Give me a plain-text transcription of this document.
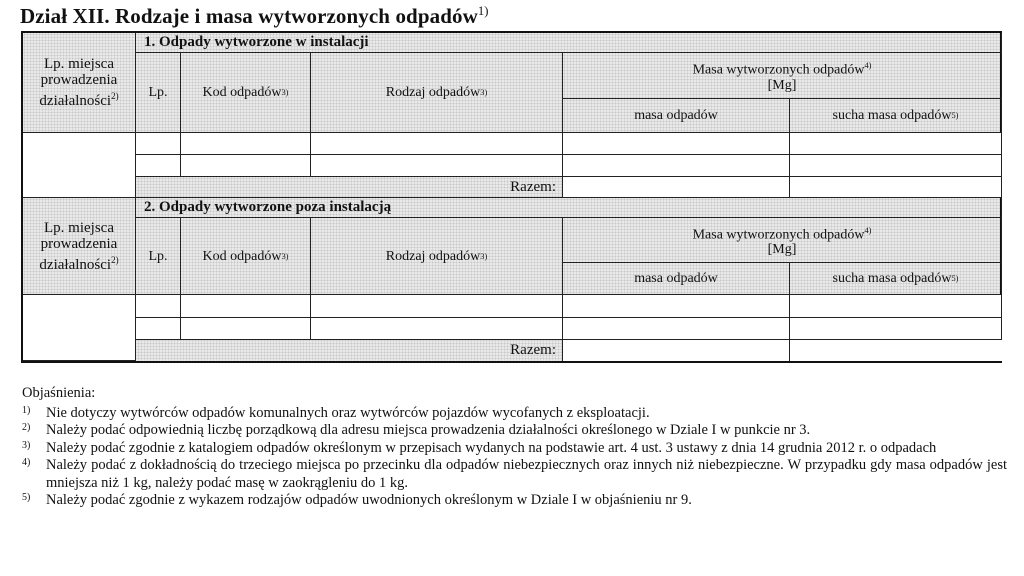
Dział XII. Rodzaje i masa wytworzonych odpadów$^{1)}$
Lp. miejsca
prowadzenia
działalności$^{2)}$
1. Odpady wytworzone w instalacji
Lp.	Kod odpadów 3)	Rodzaj odpadów 3)
Masa wytworzonych odpadów$^{4)}$
[Mg]
masa odpadów	sucha masa odpadów 5)
Razem:
Lp. miejsca
prowadzenia
działalności$^{2)}$
2. Odpady wytworzone poza instalacją
Lp.	Kod odpadów 3)	Rodzaj odpadów 3)
Masa wytworzonych odpadów$^{4)}$
[Mg]
masa odpadów	sucha masa odpadów 5)
Razem:
Objaśnienia:
1)	Nie dotyczy wytwórców odpadów komunalnych oraz wytwórców pojazdów wycofanych z eksploatacji.
2)	Należy podać odpowiednią liczbę porządkową dla adresu miejsca prowadzenia działalności określonego w Dziale I w punkcie nr 3.
3)	Należy podać zgodnie z katalogiem odpadów określonym w przepisach wydanych na podstawie art. 4 ust. 3 ustawy z dnia 14 grudnia 2012 r. o odpadach
4)	Należy podać z dokładnością do trzeciego miejsca po przecinku dla odpadów niebezpiecznych oraz innych niż niebezpieczne. W przypadku gdy masa odpadów jest mniejsza niż 1 kg, należy podać masę w zaokrągleniu do 1 kg.
5)	Należy podać zgodnie z wykazem rodzajów odpadów uwodnionych określonym w Dziale I w objaśnieniu nr 9.
